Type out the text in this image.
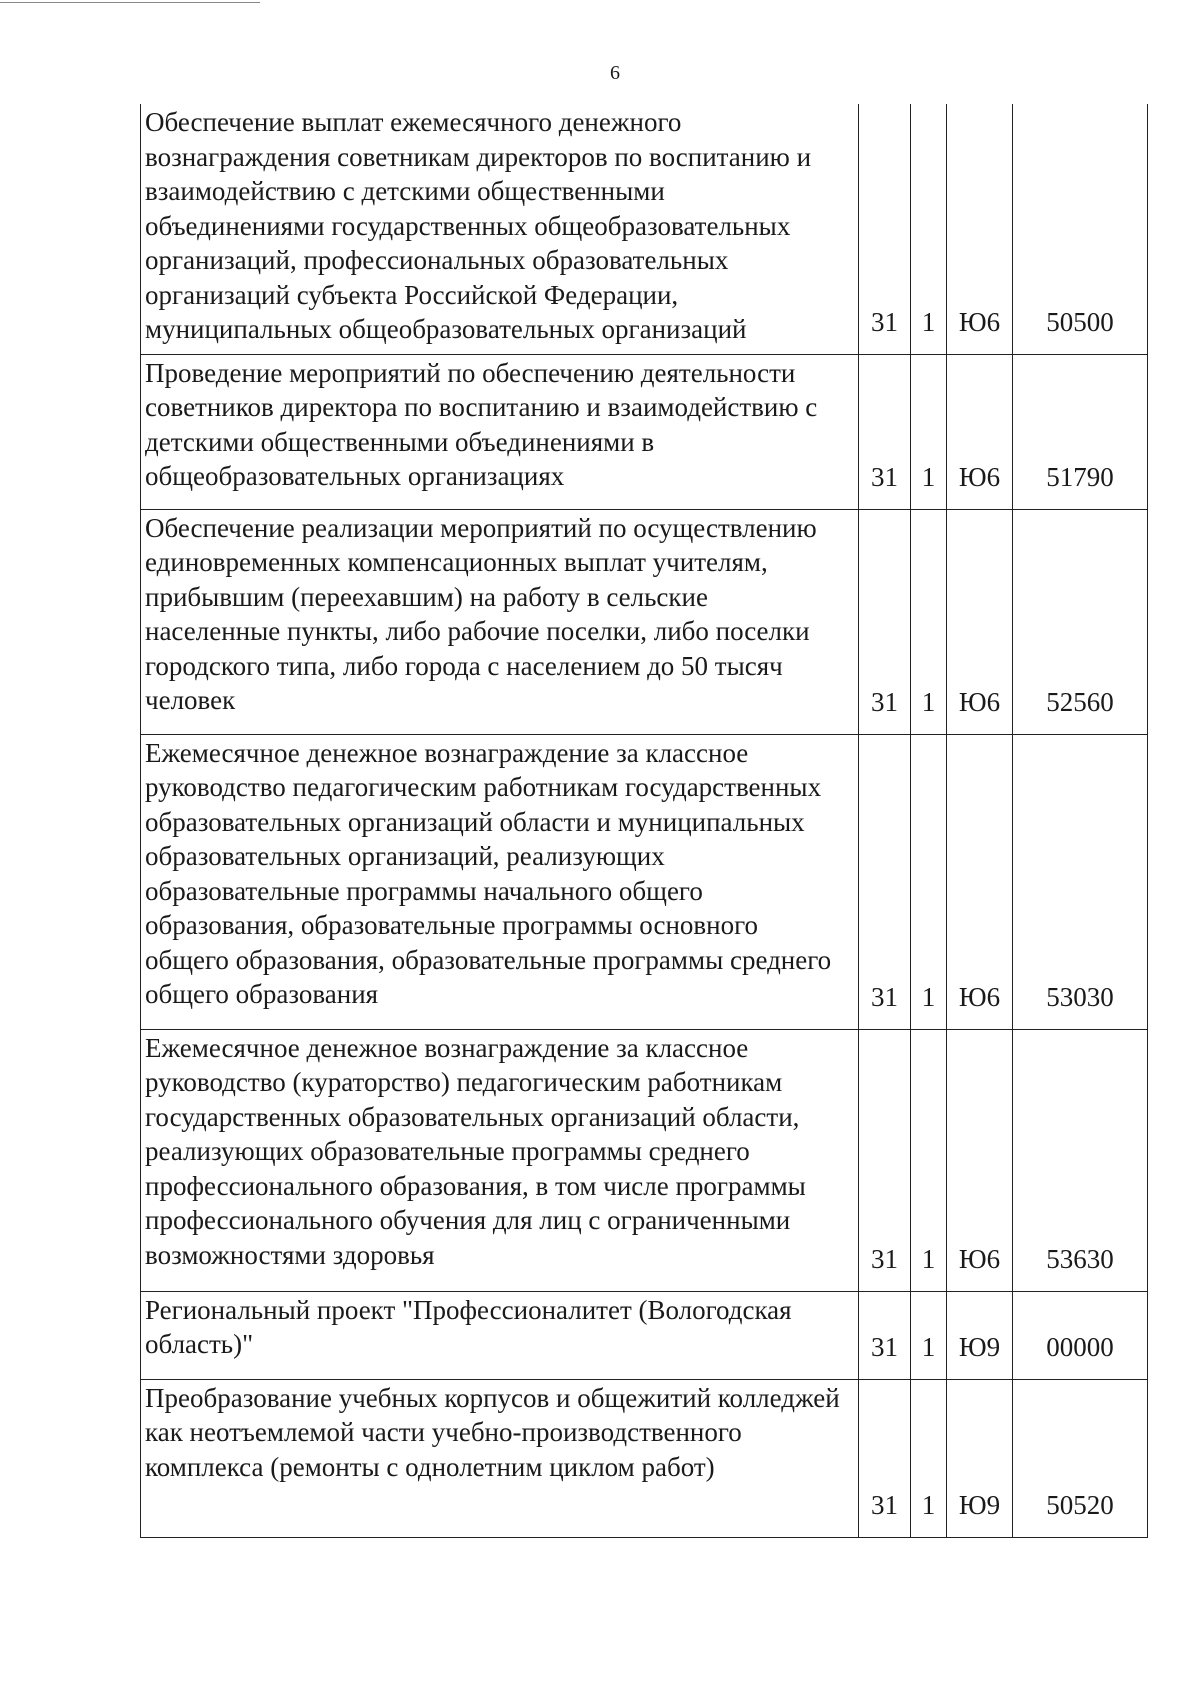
6
Обеспечение выплат ежемесячного денежного вознаграждения советникам директоров по воспитанию и взаимодействию с детскими общественными объединениями государственных общеобразовательных организаций, профессиональных образовательных организаций субъекта Российской Федерации, муниципальных общеобразовательных организаций	31	1	Ю6	50500
Проведение мероприятий по обеспечению деятельности советников директора по воспитанию и взаимодействию с детскими общественными объединениями в общеобразовательных организациях	31	1	Ю6	51790
Обеспечение реализации мероприятий по осуществлению единовременных компенсационных выплат учителям, прибывшим (переехавшим) на работу в сельские населенные пункты, либо рабочие поселки, либо поселки городского типа, либо города с населением до 50 тысяч человек	31	1	Ю6	52560
Ежемесячное денежное вознаграждение за классное руководство педагогическим работникам государственных образовательных организаций области и муниципальных образовательных организаций, реализующих образовательные программы начального общего образования, образовательные программы основного общего образования, образовательные программы среднего общего образования	31	1	Ю6	53030
Ежемесячное денежное вознаграждение за классное руководство (кураторство) педагогическим работникам государственных образовательных организаций области, реализующих образовательные программы среднего профессионального образования, в том числе программы профессионального обучения для лиц с ограниченными возможностями здоровья	31	1	Ю6	53630
Региональный проект "Профессионалитет (Вологодская область)"	31	1	Ю9	00000
Преобразование учебных корпусов и общежитий колледжей как неотъемлемой части учебно-производственного комплекса (ремонты с однолетним циклом работ)	31	1	Ю9	50520
